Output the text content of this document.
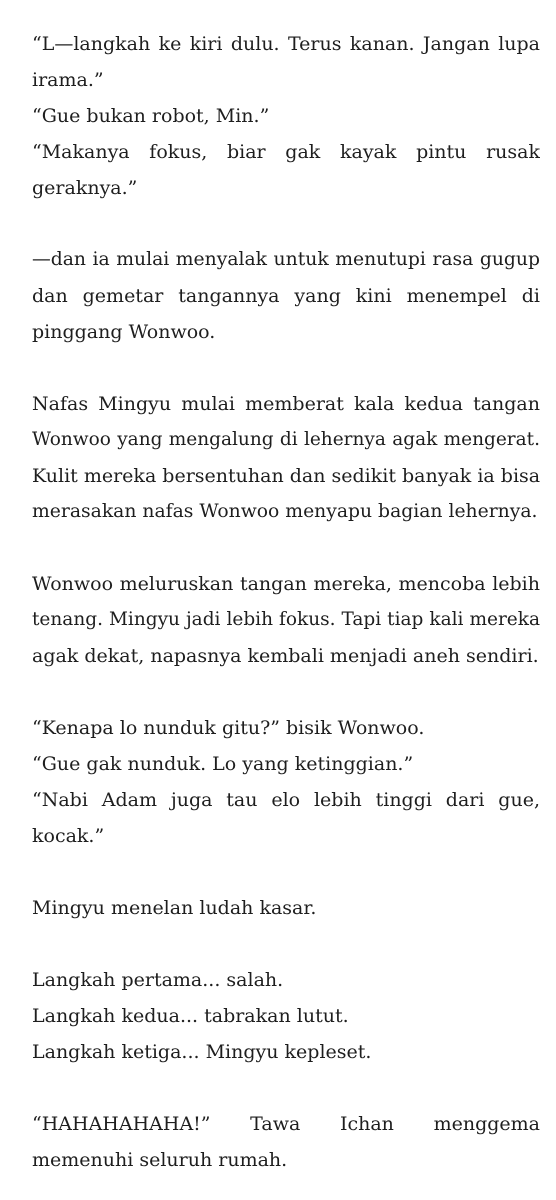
“L—langkah ke kiri dulu. Terus kanan. Jangan lupa
irama.”
“Gue bukan robot, Min.”
“Makanya fokus, biar gak kayak pintu rusak
geraknya.”

—dan ia mulai menyalak untuk menutupi rasa gugup
dan gemetar tangannya yang kini menempel di
pinggang Wonwoo.

Nafas Mingyu mulai memberat kala kedua tangan
Wonwoo yang mengalung di lehernya agak mengerat.
Kulit mereka bersentuhan dan sedikit banyak ia bisa
merasakan nafas Wonwoo menyapu bagian lehernya.

Wonwoo meluruskan tangan mereka, mencoba lebih
tenang. Mingyu jadi lebih fokus. Tapi tiap kali mereka
agak dekat, napasnya kembali menjadi aneh sendiri.

“Kenapa lo nunduk gitu?” bisik Wonwoo.
“Gue gak nunduk. Lo yang ketinggian.”
“Nabi Adam juga tau elo lebih tinggi dari gue,
kocak.”

Mingyu menelan ludah kasar.

Langkah pertama... salah.
Langkah kedua... tabrakan lutut.
Langkah ketiga... Mingyu kepleset.

“HAHAHAHAHA!” Tawa Ichan menggema
memenuhi seluruh rumah.
